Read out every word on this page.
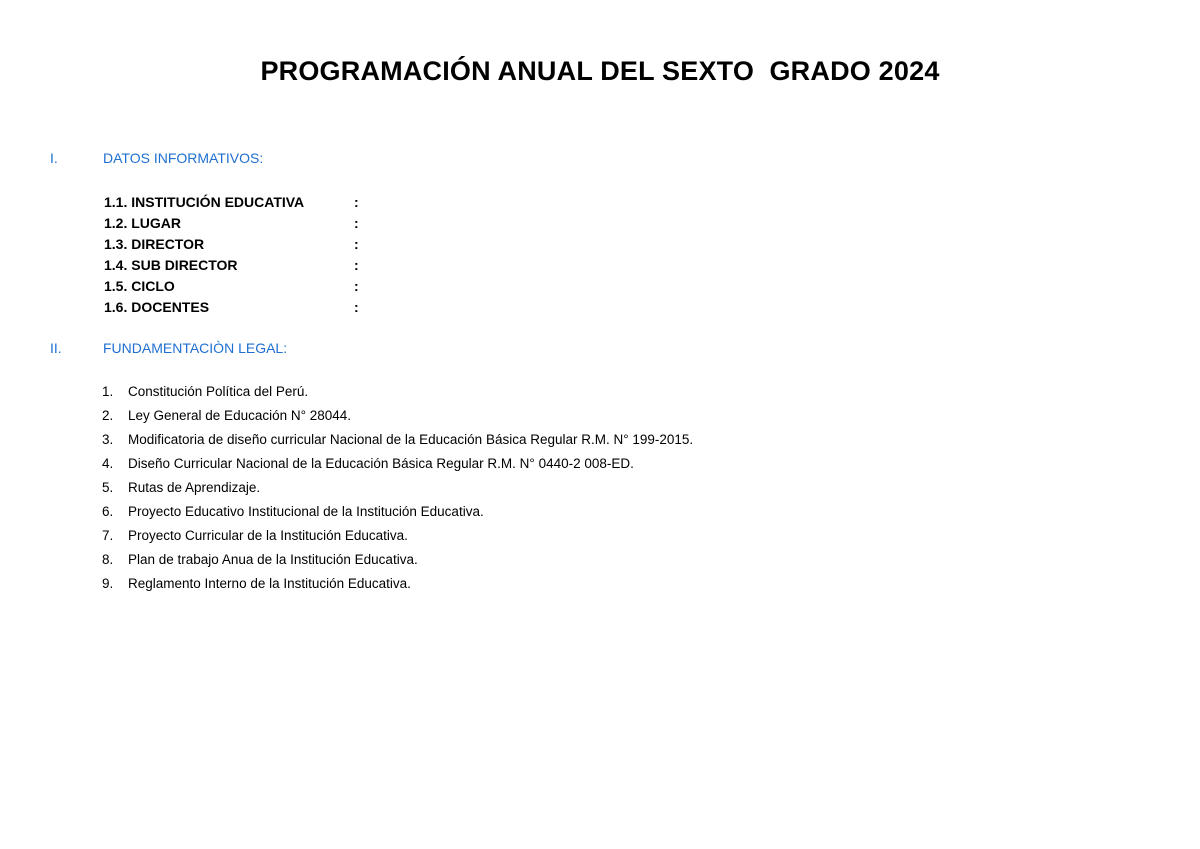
PROGRAMACIÓN ANUAL DEL SEXTO  GRADO 2024
I.	DATOS INFORMATIVOS:
1.1. INSTITUCIÓN EDUCATIVA	:
1.2. LUGAR	:
1.3. DIRECTOR	:
1.4. SUB DIRECTOR	:
1.5. CICLO	:
1.6. DOCENTES	:
II.	FUNDAMENTACIÒN LEGAL:
1.	Constitución Política del Perú.
2.	Ley General de Educación N° 28044.
3.	Modificatoria de diseño curricular Nacional de la Educación Básica Regular R.M. N° 199-2015.
4.	Diseño Curricular Nacional de la Educación Básica Regular R.M. N° 0440-2 008-ED.
5.	Rutas de Aprendizaje.
6.	Proyecto Educativo Institucional de la Institución Educativa.
7.	Proyecto Curricular de la Institución Educativa.
8.	Plan de trabajo Anua de la Institución Educativa.
9.	Reglamento Interno de la Institución Educativa.
